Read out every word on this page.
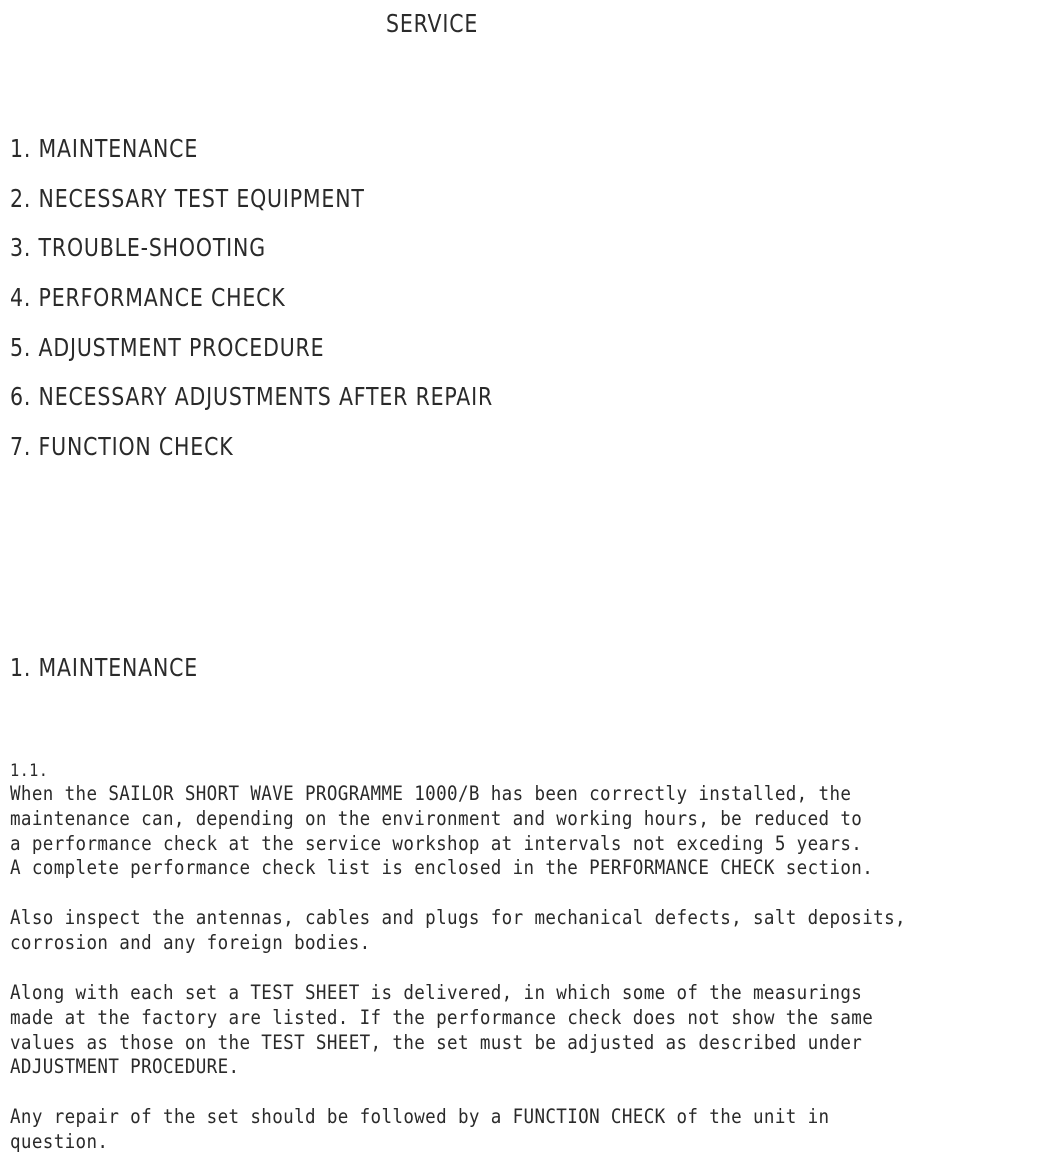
SERVICE
1. MAINTENANCE
2. NECESSARY TEST EQUIPMENT
3. TROUBLE-SHOOTING
4. PERFORMANCE CHECK
5. ADJUSTMENT PROCEDURE
6. NECESSARY ADJUSTMENTS AFTER REPAIR
7. FUNCTION CHECK
1. MAINTENANCE
1.1.
When the SAILOR SHORT WAVE PROGRAMME 1000/B has been correctly installed, the
maintenance can, depending on the environment and working hours, be reduced to
a performance check at the service workshop at intervals not exceding 5 years.
A complete performance check list is enclosed in the PERFORMANCE CHECK section.
Also inspect the antennas, cables and plugs for mechanical defects, salt deposits,
corrosion and any foreign bodies.
Along with each set a TEST SHEET is delivered, in which some of the measurings
made at the factory are listed. If the performance check does not show the same
values as those on the TEST SHEET, the set must be adjusted as described under
ADJUSTMENT PROCEDURE.
Any repair of the set should be followed by a FUNCTION CHECK of the unit in
question.
